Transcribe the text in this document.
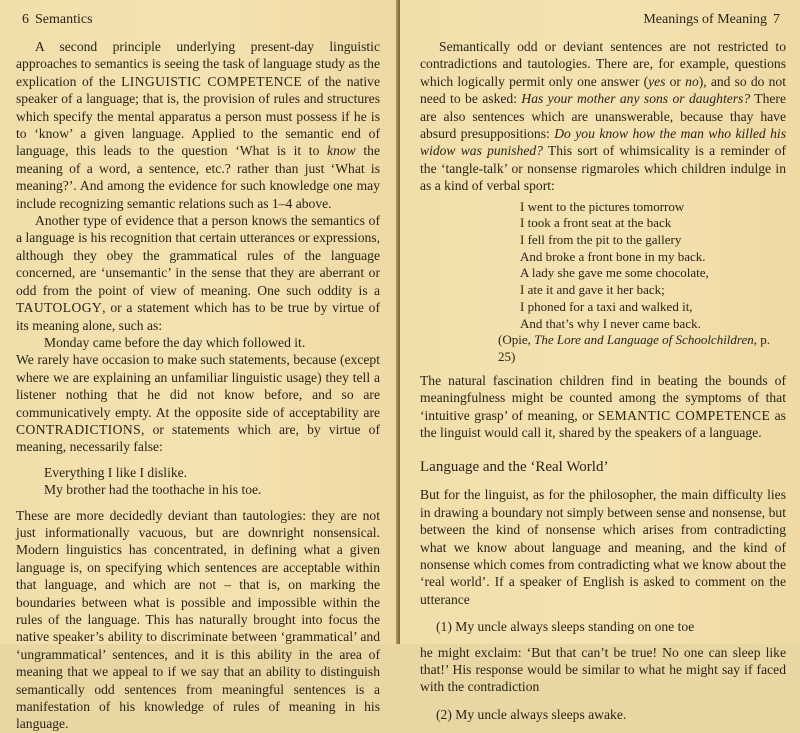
6 Semantics

A second principle underlying present-day linguistic approaches to semantics is seeing the task of language study as the explication of the LINGUISTIC COMPETENCE of the native speaker of a language; that is, the provision of rules and structures which specify the mental apparatus a person must possess if he is to ‘know’ a given language. Applied to the semantic end of language, this leads to the question ‘What is it to know the meaning of a word, a sentence, etc.? rather than just ‘What is meaning?’. And among the evidence for such knowledge one may include recognizing semantic relations such as 1–4 above.

Another type of evidence that a person knows the semantics of a language is his recognition that certain utterances or expressions, although they obey the grammatical rules of the language concerned, are ‘unsemantic’ in the sense that they are aberrant or odd from the point of view of meaning. One such oddity is a TAUTOLOGY, or a statement which has to be true by virtue of its meaning alone, such as:

Monday came before the day which followed it.

We rarely have occasion to make such statements, because (except where we are explaining an unfamiliar linguistic usage) they tell a listener nothing that he did not know before, and so are communicatively empty. At the opposite side of acceptability are CONTRADICTIONS, or statements which are, by virtue of meaning, necessarily false:

Everything I like I dislike.
My brother had the toothache in his toe.

These are more decidedly deviant than tautologies: they are not just informationally vacuous, but are downright nonsensical. Modern linguistics has concentrated, in defining what a given language is, on specifying which sentences are acceptable within that language, and which are not – that is, on marking the boundaries between what is possible and impossible within the rules of the language. This has naturally brought into focus the native speaker’s ability to discriminate between ‘grammatical’ and ‘ungrammatical’ sentences, and it is this ability in the area of meaning that we appeal to if we say that an ability to distinguish semantically odd sentences from meaningful sentences is a manifestation of his knowledge of rules of meaning in his language.

Meanings of Meaning 7

Semantically odd or deviant sentences are not restricted to contradictions and tautologies. There are, for example, questions which logically permit only one answer (yes or no), and so do not need to be asked: Has your mother any sons or daughters? There are also sentences which are unanswerable, because thay have absurd presuppositions: Do you know how the man who killed his widow was punished? This sort of whimsicality is a reminder of the ‘tangle-talk’ or nonsense rigmaroles which children indulge in as a kind of verbal sport:

I went to the pictures tomorrow
I took a front seat at the back
I fell from the pit to the gallery
And broke a front bone in my back.
A lady she gave me some chocolate,
I ate it and gave it her back;
I phoned for a taxi and walked it,
And that’s why I never came back.
(Opie, The Lore and Language of Schoolchildren, p. 25)

The natural fascination children find in beating the bounds of meaningfulness might be counted among the symptoms of that ‘intuitive grasp’ of meaning, or SEMANTIC COMPETENCE as the linguist would call it, shared by the speakers of a language.

Language and the ‘Real World’

But for the linguist, as for the philosopher, the main difficulty lies in drawing a boundary not simply between sense and nonsense, but between the kind of nonsense which arises from contradicting what we know about language and meaning, and the kind of nonsense which comes from contradicting what we know about the ‘real world’. If a speaker of English is asked to comment on the utterance

(1) My uncle always sleeps standing on one toe

he might exclaim: ‘But that can’t be true! No one can sleep like that!’ His response would be similar to what he might say if faced with the contradiction

(2) My uncle always sleeps awake.
